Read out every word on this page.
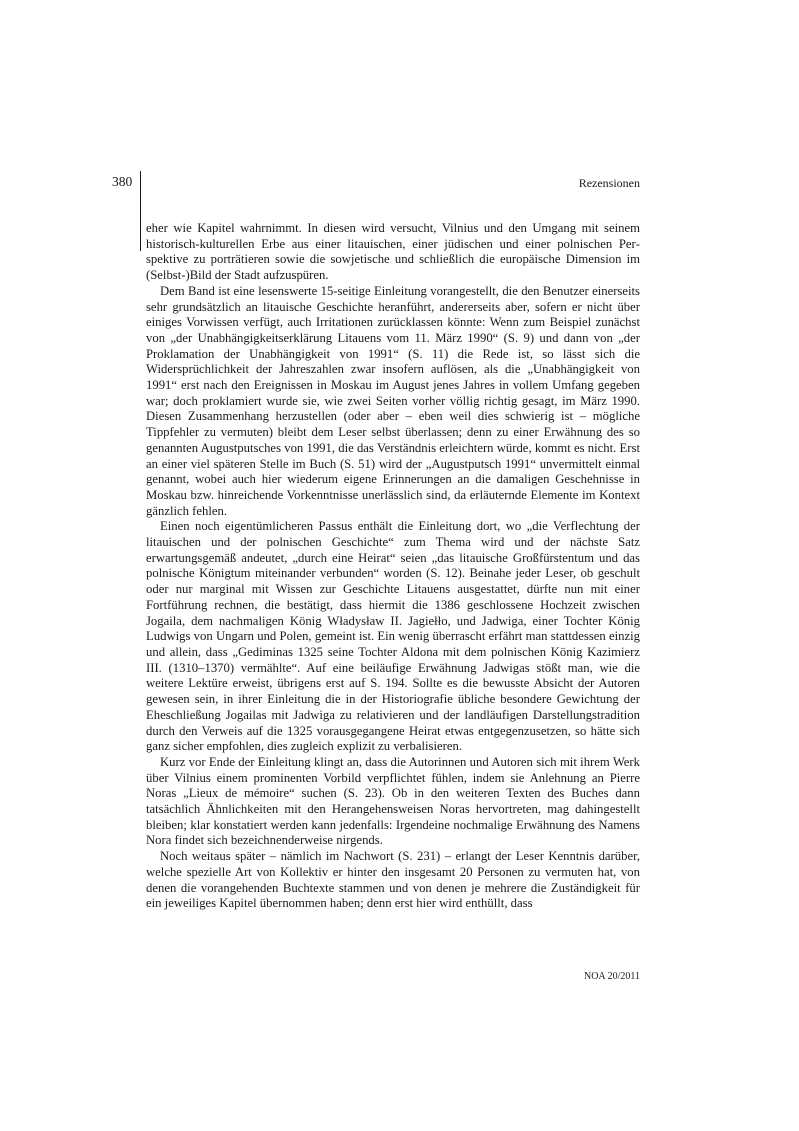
380	Rezensionen

eher wie Kapitel wahrnimmt. In diesen wird versucht, Vilnius und den Umgang mit seinem historisch-kulturellen Erbe aus einer litauischen, einer jüdischen und einer polnischen Perspektive zu porträtieren sowie die sowjetische und schließlich die europäische Dimension im (Selbst-)Bild der Stadt aufzuspüren.

Dem Band ist eine lesenswerte 15-seitige Einleitung vorangestellt, die den Benutzer einerseits sehr grundsätzlich an litauische Geschichte heranführt, andererseits aber, sofern er nicht über einiges Vorwissen verfügt, auch Irritationen zurücklassen könnte: Wenn zum Beispiel zunächst von „der Unabhängigkeitserklärung Litauens vom 11. März 1990“ (S. 9) und dann von „der Proklamation der Unabhängigkeit von 1991“ (S. 11) die Rede ist, so lässt sich die Widersprüchlichkeit der Jahreszahlen zwar insofern auflösen, als die „Unabhängigkeit von 1991“ erst nach den Ereignissen in Moskau im August jenes Jahres in vollem Umfang gegeben war; doch proklamiert wurde sie, wie zwei Seiten vorher völlig richtig gesagt, im März 1990. Diesen Zusammenhang herzustellen (oder aber – eben weil dies schwierig ist – mögliche Tippfehler zu vermuten) bleibt dem Leser selbst überlassen; denn zu einer Erwähnung des so genannten Augustputsches von 1991, die das Verständnis erleichtern würde, kommt es nicht. Erst an einer viel späteren Stelle im Buch (S. 51) wird der „Augustputsch 1991“ unvermittelt einmal genannt, wobei auch hier wiederum eigene Erinnerungen an die damaligen Geschehnisse in Moskau bzw. hinreichende Vorkenntnisse unerlässlich sind, da erläuternde Elemente im Kontext gänzlich fehlen.

Einen noch eigentümlicheren Passus enthält die Einleitung dort, wo „die Verflechtung der litauischen und der polnischen Geschichte“ zum Thema wird und der nächste Satz erwartungsgemäß andeutet, „durch eine Heirat“ seien „das litauische Großfürstentum und das polnische Königtum miteinander verbunden“ worden (S. 12). Beinahe jeder Leser, ob geschult oder nur marginal mit Wissen zur Geschichte Litauens ausgestattet, dürfte nun mit einer Fortführung rechnen, die bestätigt, dass hiermit die 1386 geschlossene Hochzeit zwischen Jogaila, dem nachmaligen König Władysław II. Jagiełło, und Jadwiga, einer Tochter König Ludwigs von Ungarn und Polen, gemeint ist. Ein wenig überrascht erfährt man stattdessen einzig und allein, dass „Gediminas 1325 seine Tochter Aldona mit dem polnischen König Kazimierz III. (1310–1370) vermählte“. Auf eine beiläufige Erwähnung Jadwigas stößt man, wie die weitere Lektüre erweist, übrigens erst auf S. 194. Sollte es die bewusste Absicht der Autoren gewesen sein, in ihrer Einleitung die in der Historiografie übliche besondere Gewichtung der Eheschließung Jogailas mit Jadwiga zu relativieren und der landläufigen Darstellungstradition durch den Verweis auf die 1325 vorausgegangene Heirat etwas entgegenzusetzen, so hätte sich ganz sicher empfohlen, dies zugleich explizit zu verbalisieren.

Kurz vor Ende der Einleitung klingt an, dass die Autorinnen und Autoren sich mit ihrem Werk über Vilnius einem prominenten Vorbild verpflichtet fühlen, indem sie Anlehnung an Pierre Noras „Lieux de mémoire“ suchen (S. 23). Ob in den weiteren Texten des Buches dann tatsächlich Ähnlichkeiten mit den Herangehensweisen Noras hervortreten, mag dahingestellt bleiben; klar konstatiert werden kann jedenfalls: Irgendeine nochmalige Erwähnung des Namens Nora findet sich bezeichnenderweise nirgends.

Noch weitaus später – nämlich im Nachwort (S. 231) – erlangt der Leser Kenntnis darüber, welche spezielle Art von Kollektiv er hinter den insgesamt 20 Personen zu vermuten hat, von denen die vorangehenden Buchtexte stammen und von denen je mehrere die Zuständigkeit für ein jeweiliges Kapitel übernommen haben; denn erst hier wird enthüllt, dass

NOA 20/2011
